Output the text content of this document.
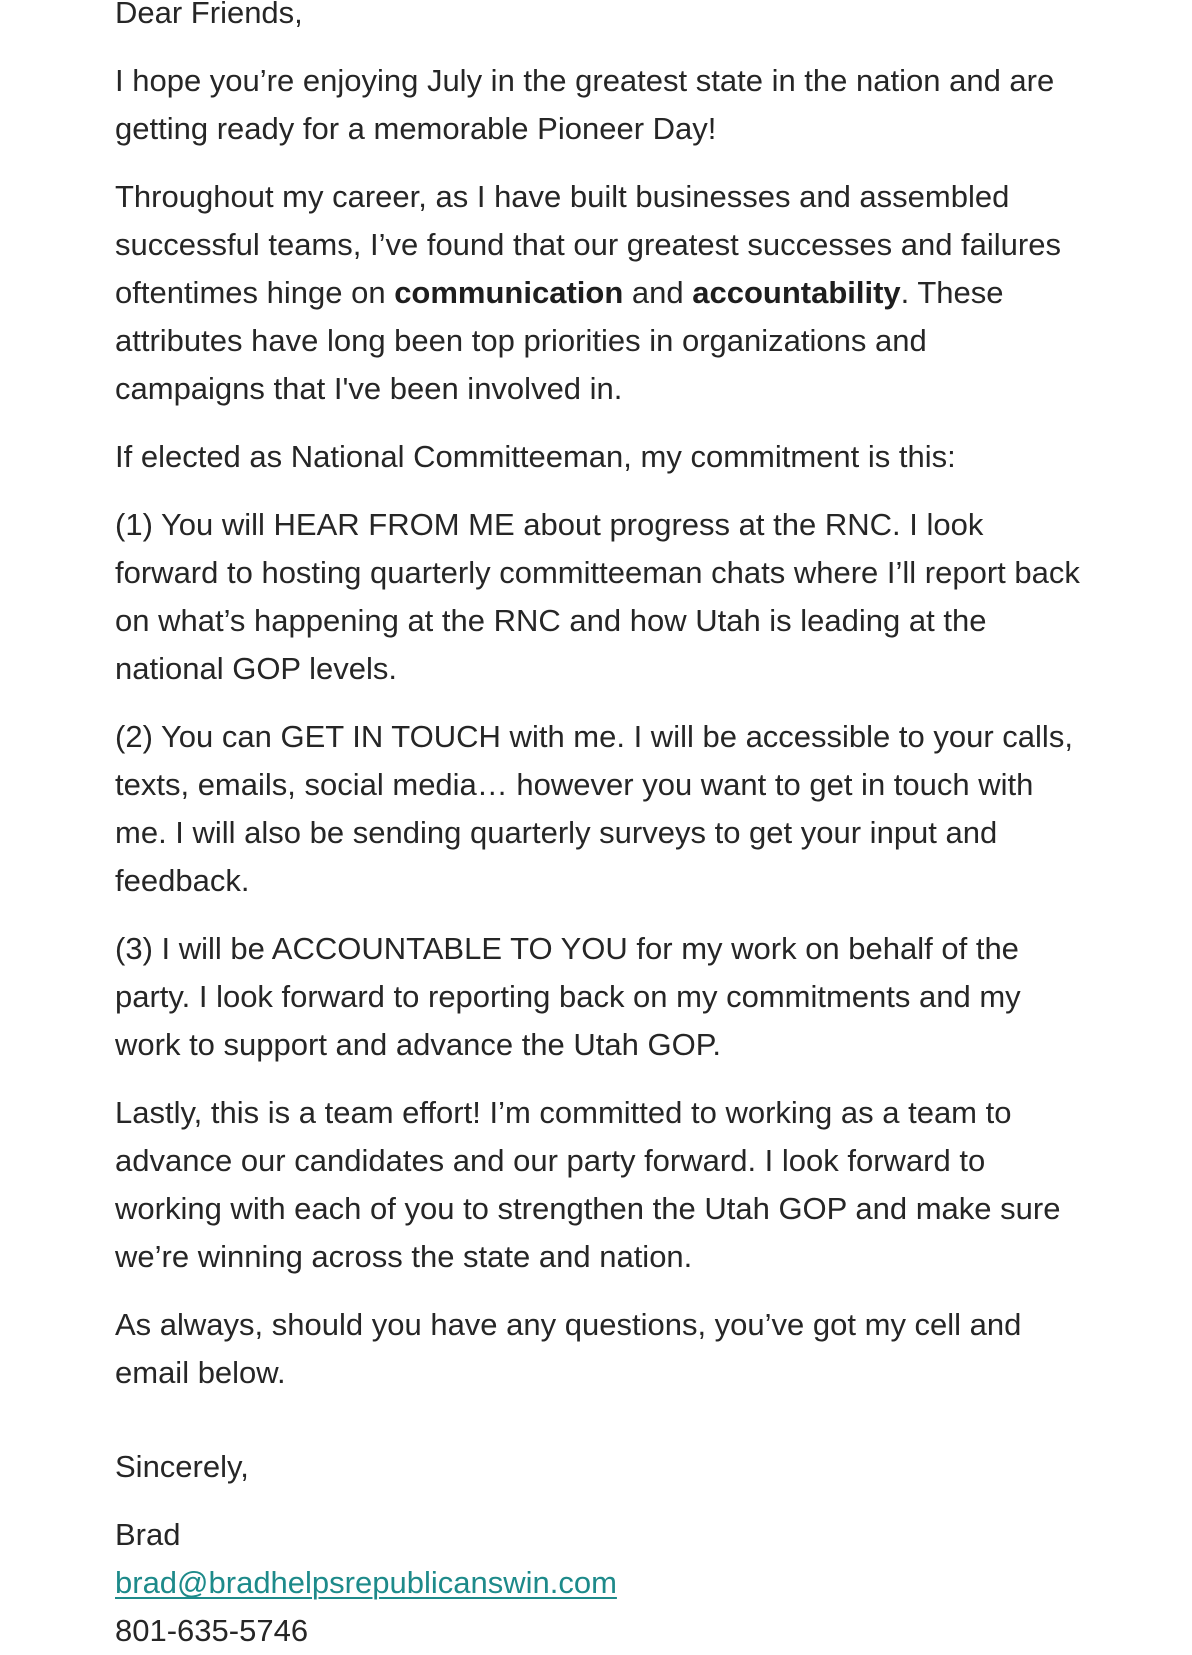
Dear Friends,

I hope you’re enjoying July in the greatest state in the nation and are getting ready for a memorable Pioneer Day!

Throughout my career, as I have built businesses and assembled successful teams, I’ve found that our greatest successes and failures oftentimes hinge on communication and accountability. These attributes have long been top priorities in organizations and campaigns that I've been involved in.

If elected as National Committeeman, my commitment is this:

(1) You will HEAR FROM ME about progress at the RNC. I look forward to hosting quarterly committeeman chats where I’ll report back on what’s happening at the RNC and how Utah is leading at the national GOP levels.

(2) You can GET IN TOUCH with me. I will be accessible to your calls, texts, emails, social media… however you want to get in touch with me. I will also be sending quarterly surveys to get your input and feedback.

(3) I will be ACCOUNTABLE TO YOU for my work on behalf of the party. I look forward to reporting back on my commitments and my work to support and advance the Utah GOP.

Lastly, this is a team effort! I’m committed to working as a team to advance our candidates and our party forward. I look forward to working with each of you to strengthen the Utah GOP and make sure we’re winning across the state and nation.

As always, should you have any questions, you’ve got my cell and email below.

Sincerely,

Brad

brad@bradhelpsrepublicanswin.com

801-635-5746
